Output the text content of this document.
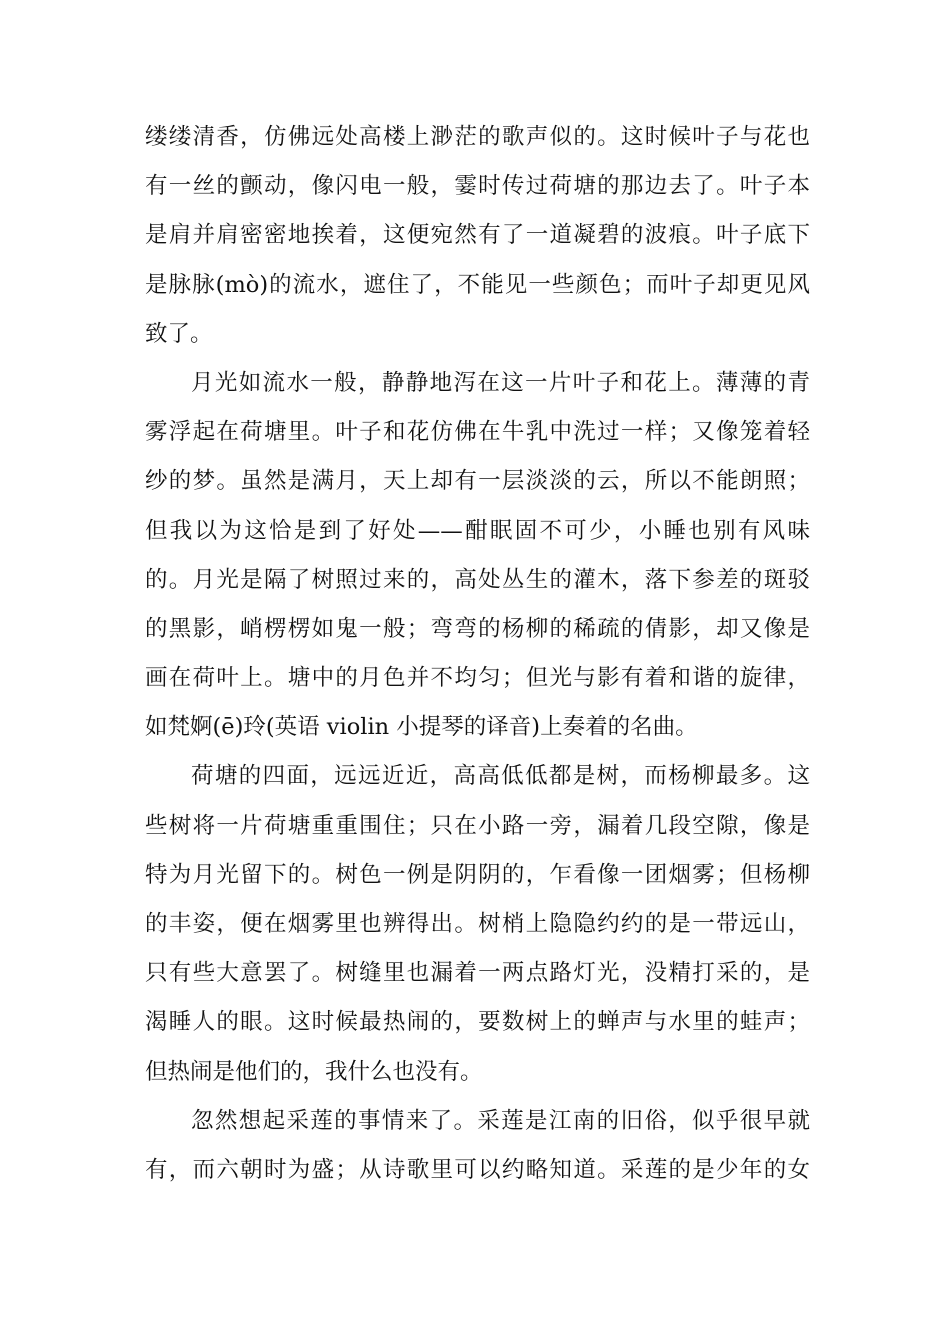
缕缕清香，仿佛远处高楼上渺茫的歌声似的。这时候叶子与花也
有一丝的颤动，像闪电一般，霎时传过荷塘的那边去了。叶子本
是肩并肩密密地挨着，这便宛然有了一道凝碧的波痕。叶子底下
是脉脉(mò)的流水，遮住了，不能见一些颜色；而叶子却更见风
致了。
月光如流水一般，静静地泻在这一片叶子和花上。薄薄的青
雾浮起在荷塘里。叶子和花仿佛在牛乳中洗过一样；又像笼着轻
纱的梦。虽然是满月，天上却有一层淡淡的云，所以不能朗照；
但我以为这恰是到了好处——酣眠固不可少，小睡也别有风味
的。月光是隔了树照过来的，高处丛生的灌木，落下参差的斑驳
的黑影，峭楞楞如鬼一般；弯弯的杨柳的稀疏的倩影，却又像是
画在荷叶上。塘中的月色并不均匀；但光与影有着和谐的旋律，
如梵婀(ē)玲(英语 violin 小提琴的译音)上奏着的名曲。
荷塘的四面，远远近近，高高低低都是树，而杨柳最多。这
些树将一片荷塘重重围住；只在小路一旁，漏着几段空隙，像是
特为月光留下的。树色一例是阴阴的，乍看像一团烟雾；但杨柳
的丰姿，便在烟雾里也辨得出。树梢上隐隐约约的是一带远山，
只有些大意罢了。树缝里也漏着一两点路灯光，没精打采的，是
渴睡人的眼。这时候最热闹的，要数树上的蝉声与水里的蛙声；
但热闹是他们的，我什么也没有。
忽然想起采莲的事情来了。采莲是江南的旧俗，似乎很早就
有，而六朝时为盛；从诗歌里可以约略知道。采莲的是少年的女
